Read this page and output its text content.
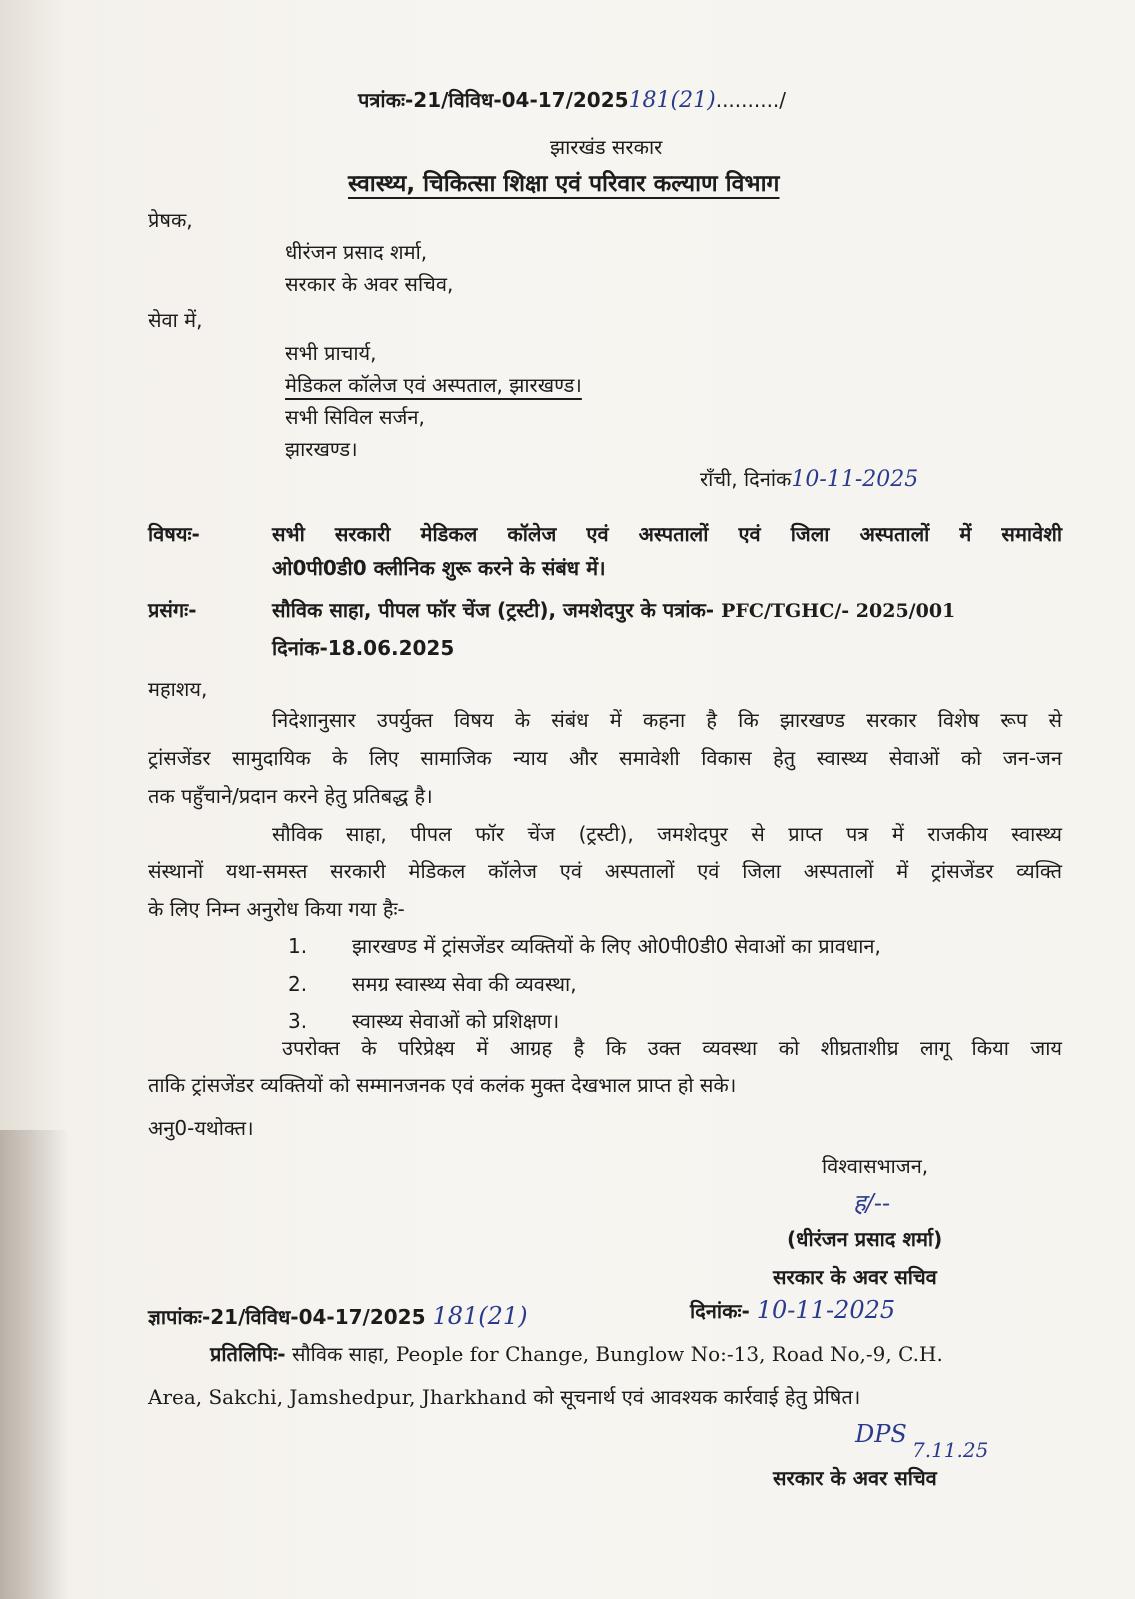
पत्रांकः-21/विविध-04-17/2025181(21)........../
झारखंड सरकार
स्वास्थ्य, चिकित्सा शिक्षा एवं परिवार कल्याण विभाग
प्रेषक,
धीरंजन प्रसाद शर्मा,
सरकार के अवर सचिव,
सेवा में,
सभी प्राचार्य,
मेडिकल कॉलेज एवं अस्पताल, झारखण्ड।
सभी सिविल सर्जन,
झारखण्ड।
राँची, दिनांक10-11-2025
विषयः-	सभी सरकारी मेडिकल कॉलेज एवं अस्पतालों एवं जिला अस्पतालों में समावेशी
ओ0पी0डी0 क्लीनिक शुरू करने के संबंध में।
प्रसंगः-	सौविक साहा, पीपल फॉर चेंज (ट्रस्टी), जमशेदपुर के पत्रांक- PFC/TGHC/- 2025/001
दिनांक-18.06.2025
महाशय,
निदेशानुसार उपर्युक्त विषय के संबंध में कहना है कि झारखण्ड सरकार विशेष रूप से
ट्रांसजेंडर सामुदायिक के लिए सामाजिक न्याय और समावेशी विकास हेतु स्वास्थ्य सेवाओं को जन-जन
तक पहुँचाने/प्रदान करने हेतु प्रतिबद्ध है।
सौविक साहा, पीपल फॉर चेंज (ट्रस्टी), जमशेदपुर से प्राप्त पत्र में राजकीय स्वास्थ्य
संस्थानों यथा-समस्त सरकारी मेडिकल कॉलेज एवं अस्पतालों एवं जिला अस्पतालों में ट्रांसजेंडर व्यक्ति
के लिए निम्न अनुरोध किया गया हैः-
1. झारखण्ड में ट्रांसजेंडर व्यक्तियों के लिए ओ0पी0डी0 सेवाओं का प्रावधान,
2. समग्र स्वास्थ्य सेवा की व्यवस्था,
3. स्वास्थ्य सेवाओं को प्रशिक्षण।
उपरोक्त के परिप्रेक्ष्य में आग्रह है कि उक्त व्यवस्था को शीघ्रताशीघ्र लागू किया जाय
ताकि ट्रांसजेंडर व्यक्तियों को सम्मानजनक एवं कलंक मुक्त देखभाल प्राप्त हो सके।
अनु0-यथोक्त।
विश्वासभाजन,
ह/--
(धीरंजन प्रसाद शर्मा)
सरकार के अवर सचिव
ज्ञापांकः-21/विविध-04-17/2025 181(21)	दिनांकः- 10-11-2025
प्रतिलिपिः- सौविक साहा, People for Change, Bunglow No:-13, Road No,-9, C.H.
Area, Sakchi, Jamshedpur, Jharkhand को सूचनार्थ एवं आवश्यक कार्रवाई हेतु प्रेषित।
DPS
7.11.25
सरकार के अवर सचिव
